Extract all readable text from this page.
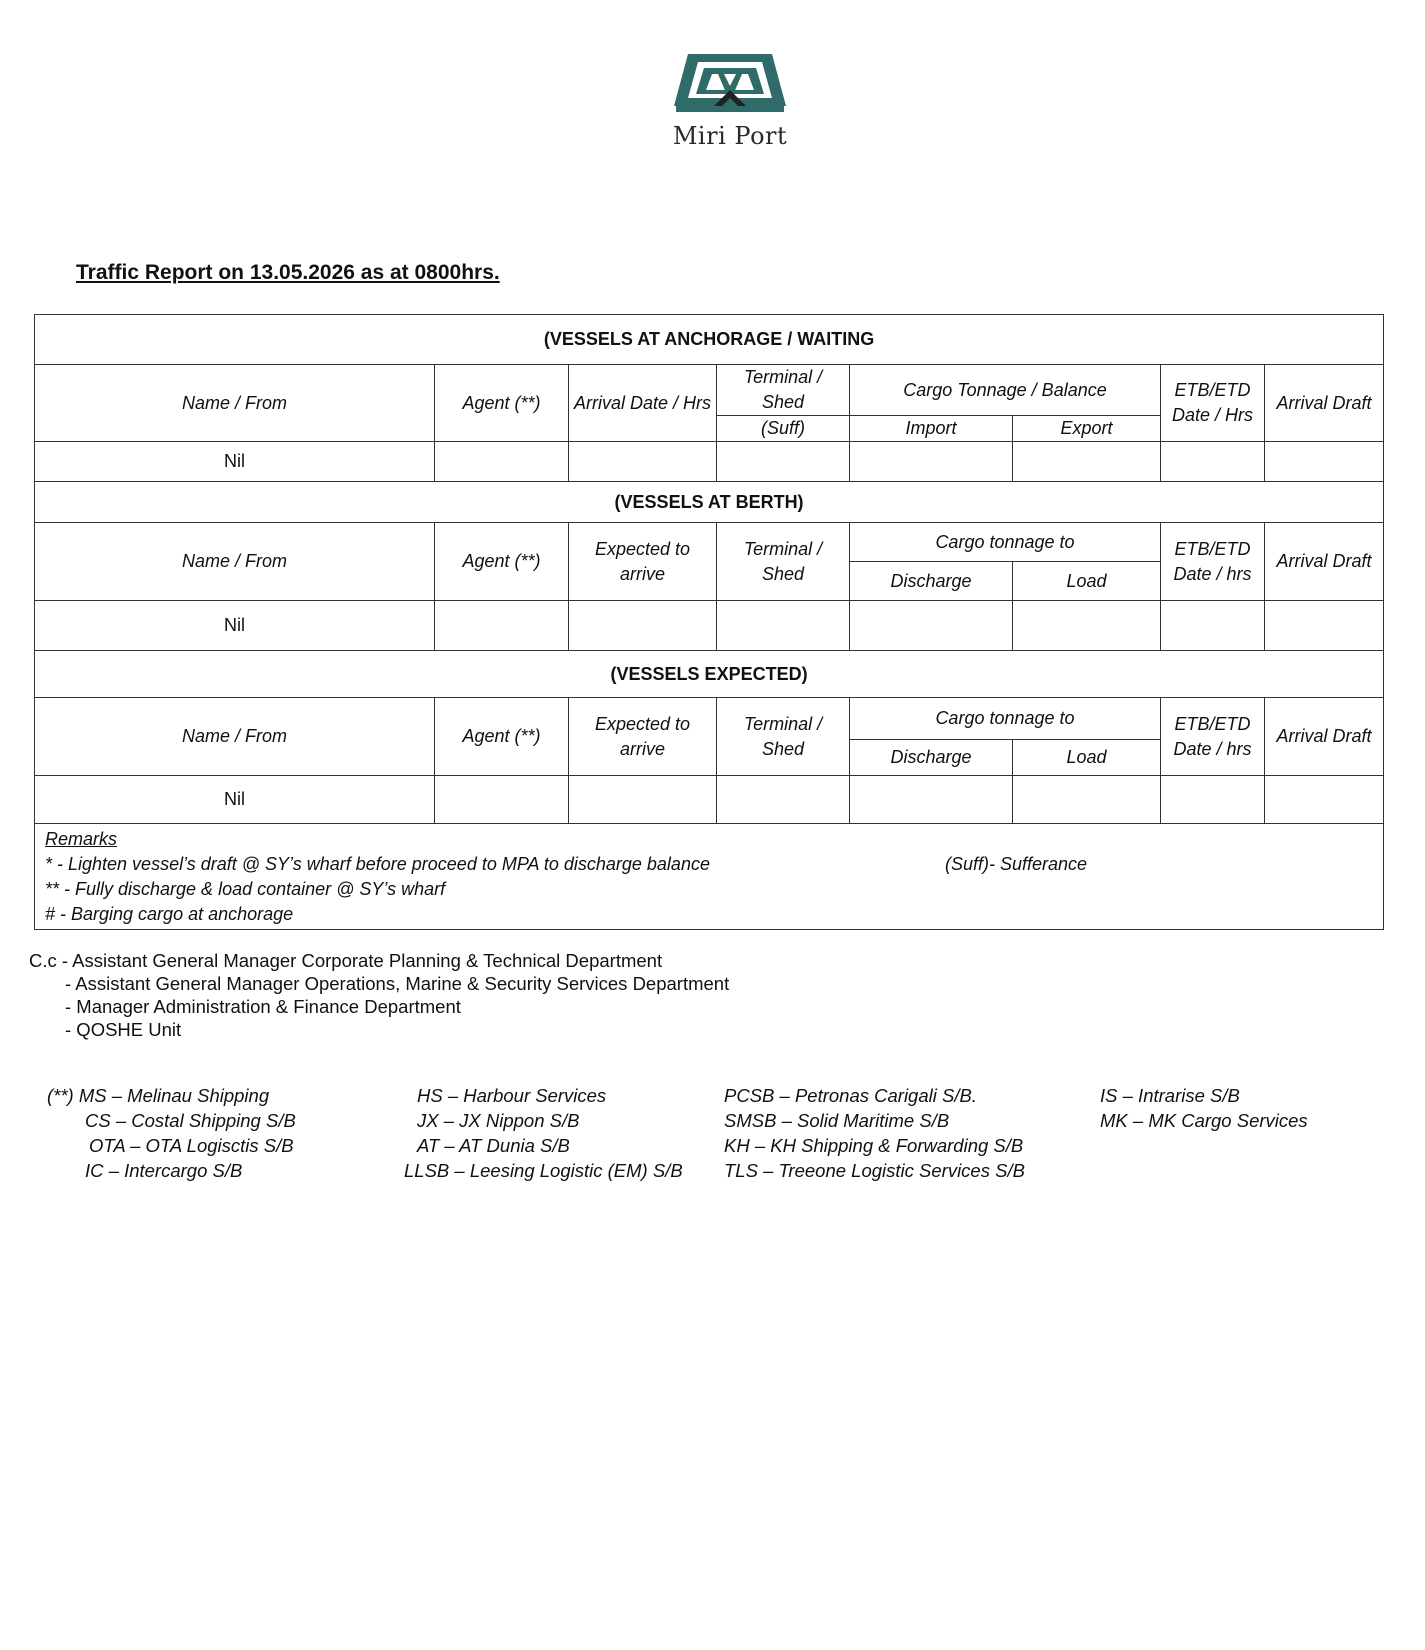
Miri Port
Traffic Report on 13.05.2026 as at 0800hrs.
(VESSELS AT ANCHORAGE / WAITING							
Name / From	Agent (**)	Arrival Date / Hrs	Terminal / Shed	Cargo Tonnage / Balance		ETB/ETD Date / Hrs	Arrival Draft
			(Suff)	Import	Export		
Nil							
(VESSELS AT BERTH)							
Name / From	Agent (**)	Expected to arrive	Terminal / Shed	Cargo tonnage to		ETB/ETD Date / hrs	Arrival Draft
				Discharge	Load		
Nil							
(VESSELS EXPECTED)							
Name / From	Agent (**)	Expected to arrive	Terminal / Shed	Cargo tonnage to		ETB/ETD Date / hrs	Arrival Draft
				Discharge	Load		
Nil							

Remarks
* - Lighten vessel’s draft @ SY’s wharf before proceed to MPA to discharge balance (Suff)- Sufferance
** - Fully discharge & load container @ SY’s wharf
# - Barging cargo at anchorage							
C.c - Assistant General Manager Corporate Planning & Technical Department
- Assistant General Manager Operations, Marine & Security Services Department
- Manager Administration & Finance Department
- QOSHE Unit
(**) MS – Melinau Shipping
CS – Costal Shipping S/B
OTA – OTA Logisctis S/B
IC – Intercargo S/B
HS – Harbour Services
JX – JX Nippon S/B
AT – AT Dunia S/B
LLSB – Leesing Logistic (EM) S/B
PCSB – Petronas Carigali S/B.
SMSB – Solid Maritime S/B
KH – KH Shipping & Forwarding S/B
TLS – Treeone Logistic Services S/B
IS – Intrarise S/B
MK – MK Cargo Services
